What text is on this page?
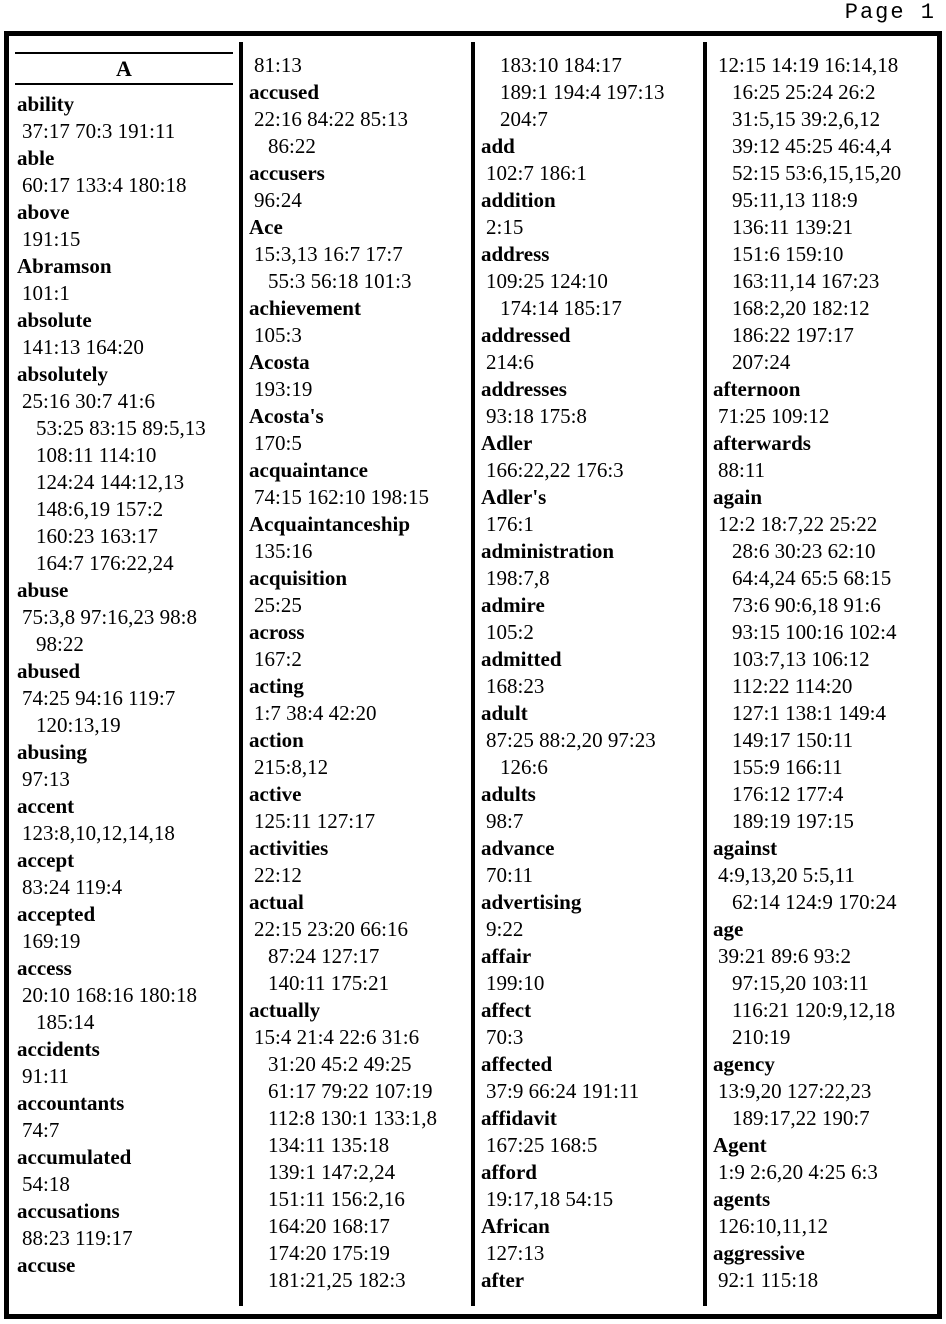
Page 1
A
ability
37:17 70:3 191:11
able
60:17 133:4 180:18
above
191:15
Abramson
101:1
absolute
141:13 164:20
absolutely
25:16 30:7 41:6
53:25 83:15 89:5,13
108:11 114:10
124:24 144:12,13
148:6,19 157:2
160:23 163:17
164:7 176:22,24
abuse
75:3,8 97:16,23 98:8
98:22
abused
74:25 94:16 119:7
120:13,19
abusing
97:13
accent
123:8,10,12,14,18
accept
83:24 119:4
accepted
169:19
access
20:10 168:16 180:18
185:14
accidents
91:11
accountants
74:7
accumulated
54:18
accusations
88:23 119:17
accuse
81:13
accused
22:16 84:22 85:13
86:22
accusers
96:24
Ace
15:3,13 16:7 17:7
55:3 56:18 101:3
achievement
105:3
Acosta
193:19
Acosta's
170:5
acquaintance
74:15 162:10 198:15
Acquaintanceship
135:16
acquisition
25:25
across
167:2
acting
1:7 38:4 42:20
action
215:8,12
active
125:11 127:17
activities
22:12
actual
22:15 23:20 66:16
87:24 127:17
140:11 175:21
actually
15:4 21:4 22:6 31:6
31:20 45:2 49:25
61:17 79:22 107:19
112:8 130:1 133:1,8
134:11 135:18
139:1 147:2,24
151:11 156:2,16
164:20 168:17
174:20 175:19
181:21,25 182:3
183:10 184:17
189:1 194:4 197:13
204:7
add
102:7 186:1
addition
2:15
address
109:25 124:10
174:14 185:17
addressed
214:6
addresses
93:18 175:8
Adler
166:22,22 176:3
Adler's
176:1
administration
198:7,8
admire
105:2
admitted
168:23
adult
87:25 88:2,20 97:23
126:6
adults
98:7
advance
70:11
advertising
9:22
affair
199:10
affect
70:3
affected
37:9 66:24 191:11
affidavit
167:25 168:5
afford
19:17,18 54:15
African
127:13
after
12:15 14:19 16:14,18
16:25 25:24 26:2
31:5,15 39:2,6,12
39:12 45:25 46:4,4
52:15 53:6,15,15,20
95:11,13 118:9
136:11 139:21
151:6 159:10
163:11,14 167:23
168:2,20 182:12
186:22 197:17
207:24
afternoon
71:25 109:12
afterwards
88:11
again
12:2 18:7,22 25:22
28:6 30:23 62:10
64:4,24 65:5 68:15
73:6 90:6,18 91:6
93:15 100:16 102:4
103:7,13 106:12
112:22 114:20
127:1 138:1 149:4
149:17 150:11
155:9 166:11
176:12 177:4
189:19 197:15
against
4:9,13,20 5:5,11
62:14 124:9 170:24
age
39:21 89:6 93:2
97:15,20 103:11
116:21 120:9,12,18
210:19
agency
13:9,20 127:22,23
189:17,22 190:7
Agent
1:9 2:6,20 4:25 6:3
agents
126:10,11,12
aggressive
92:1 115:18
